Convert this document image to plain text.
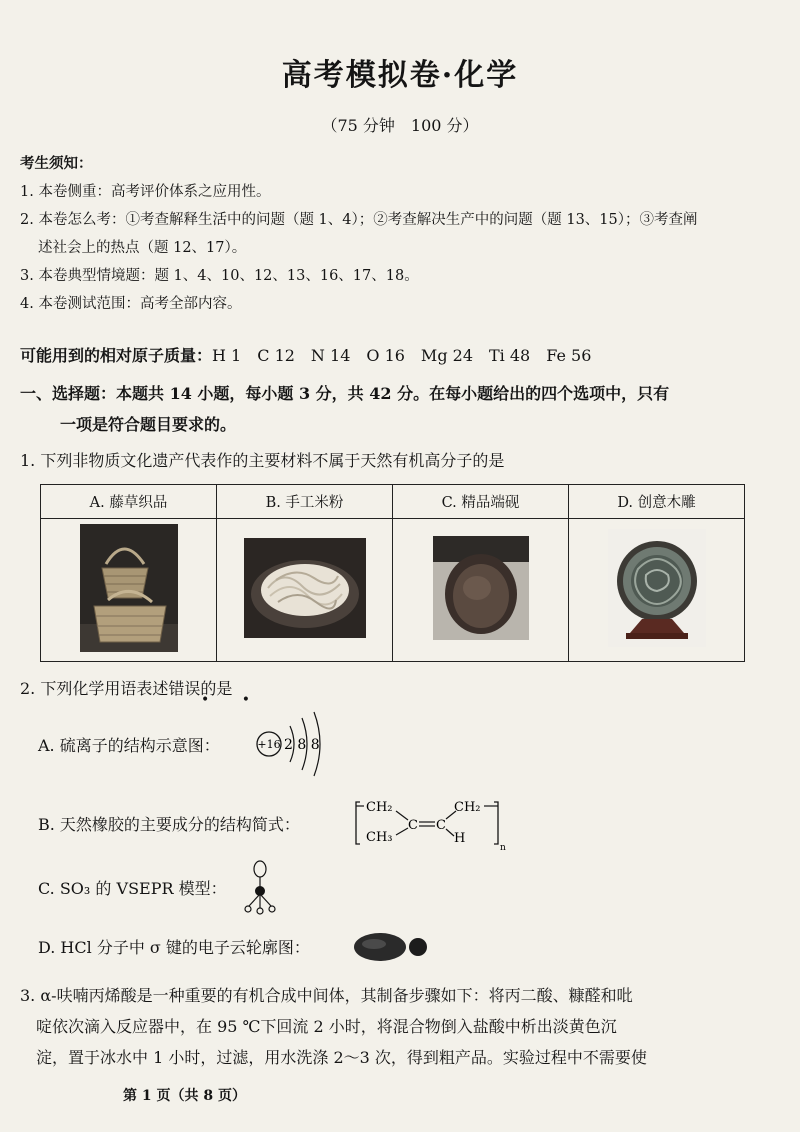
高考模拟卷·化学
（75 分钟　100 分）
考生须知：
1. 本卷侧重：高考评价体系之应用性。
2. 本卷怎么考：①考查解释生活中的问题（题 1、4）；②考查解决生产中的问题（题 13、15）；③考查阐
述社会上的热点（题 12、17）。
3. 本卷典型情境题：题 1、4、10、12、13、16、17、18。
4. 本卷测试范围：高考全部内容。
可能用到的相对原子质量：H 1　C 12　N 14　O 16　Mg 24　Ti 48　Fe 56
一、选择题：本题共 14 小题，每小题 3 分，共 42 分。在每小题给出的四个选项中，只有
一项是符合题目要求的。
1. 下列非物质文化遗产代表作的主要材料不属于天然有机高分子的是
A. 藤草织品	B. 手工米粉	C. 精品端砚	D. 创意木雕

2. 下列化学用语表述错误的是
• •
A. 硫离子的结构示意图：	+16 2 8 8
B. 天然橡胶的主要成分的结构简式：
CH₂
CH₃
C C
CH₂
H
n
C. SO₃ 的 VSEPR 模型：
D. HCl 分子中 σ 键的电子云轮廓图：
3. α-呋喃丙烯酸是一种重要的有机合成中间体，其制备步骤如下：将丙二酸、糠醛和吡
啶依次滴入反应器中，在 95 ℃下回流 2 小时，将混合物倒入盐酸中析出淡黄色沉
淀，置于冰水中 1 小时，过滤，用水洗涤 2～3 次，得到粗产品。实验过程中不需要使
第 1 页（共 8 页）
